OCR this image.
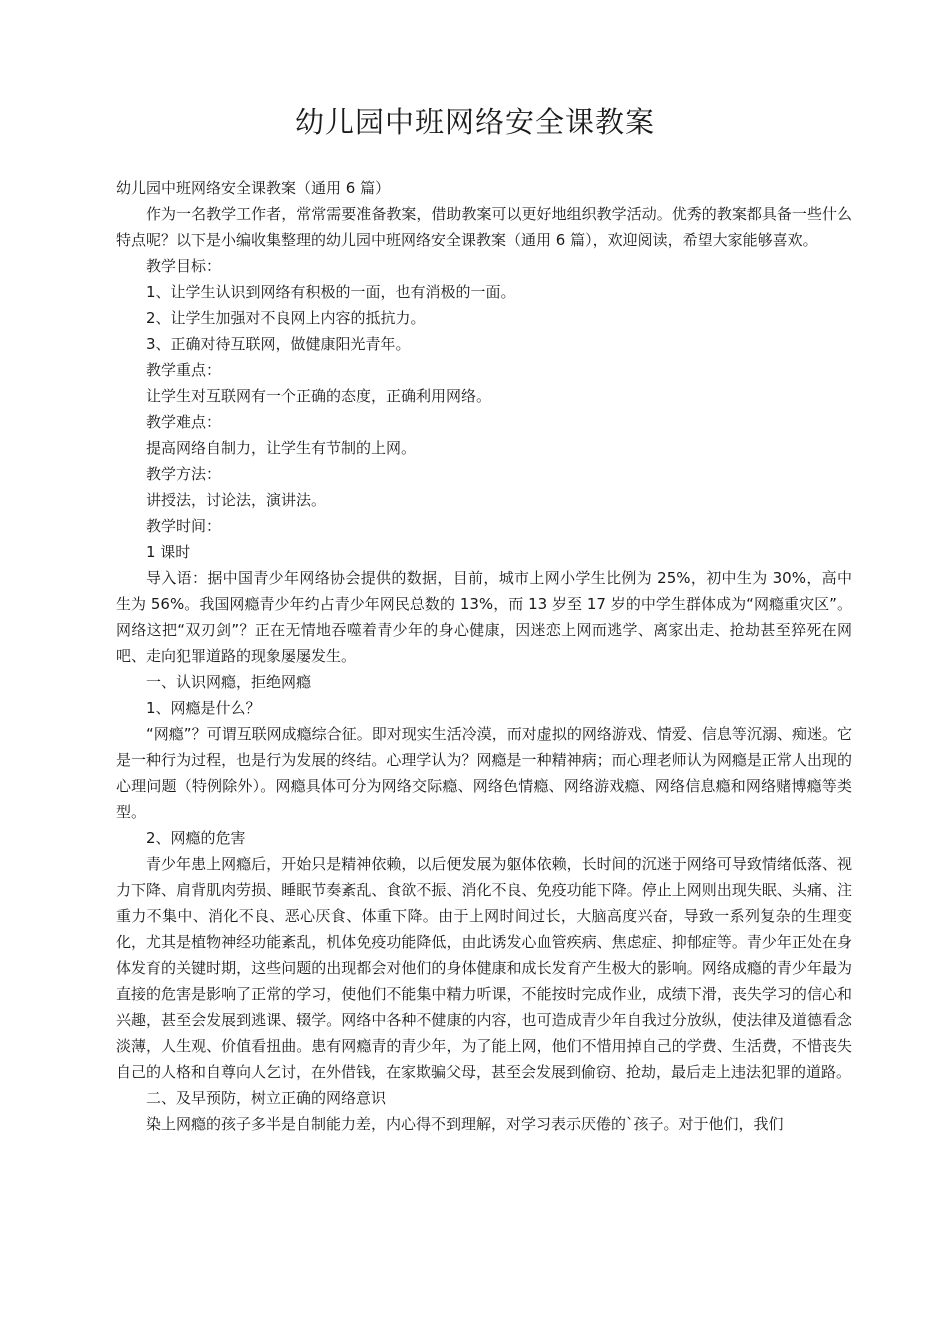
幼儿园中班网络安全课教案

幼儿园中班网络安全课教案（通用 6 篇）

作为一名教学工作者，常常需要准备教案，借助教案可以更好地组织教学活动。优秀的教案都具备一些什么特点呢？以下是小编收集整理的幼儿园中班网络安全课教案（通用 6 篇），欢迎阅读，希望大家能够喜欢。

教学目标：

1、让学生认识到网络有积极的一面，也有消极的一面。

2、让学生加强对不良网上内容的抵抗力。

3、正确对待互联网，做健康阳光青年。

教学重点：

让学生对互联网有一个正确的态度，正确利用网络。

教学难点：

提高网络自制力，让学生有节制的上网。

教学方法：

讲授法，讨论法，演讲法。

教学时间：

1 课时

导入语：据中国青少年网络协会提供的数据，目前，城市上网小学生比例为 25%，初中生为 30%，高中生为 56%。我国网瘾青少年约占青少年网民总数的 13%，而 13 岁至 17 岁的中学生群体成为“网瘾重灾区”。网络这把“双刃剑”？正在无情地吞噬着青少年的身心健康，因迷恋上网而逃学、离家出走、抢劫甚至猝死在网吧、走向犯罪道路的现象屡屡发生。

一、认识网瘾，拒绝网瘾

1、网瘾是什么？

“网瘾”？可谓互联网成瘾综合征。即对现实生活冷漠，而对虚拟的网络游戏、情爱、信息等沉溺、痴迷。它是一种行为过程，也是行为发展的终结。心理学认为？网瘾是一种精神病；而心理老师认为网瘾是正常人出现的心理问题（特例除外）。网瘾具体可分为网络交际瘾、网络色情瘾、网络游戏瘾、网络信息瘾和网络赌博瘾等类型。

2、网瘾的危害

青少年患上网瘾后，开始只是精神依赖，以后便发展为躯体依赖，长时间的沉迷于网络可导致情绪低落、视力下降、肩背肌肉劳损、睡眠节奏紊乱、食欲不振、消化不良、免疫功能下降。停止上网则出现失眠、头痛、注重力不集中、消化不良、恶心厌食、体重下降。由于上网时间过长，大脑高度兴奋，导致一系列复杂的生理变化，尤其是植物神经功能紊乱，机体免疫功能降低，由此诱发心血管疾病、焦虑症、抑郁症等。青少年正处在身体发育的关键时期，这些问题的出现都会对他们的身体健康和成长发育产生极大的影响。网络成瘾的青少年最为直接的危害是影响了正常的学习，使他们不能集中精力听课，不能按时完成作业，成绩下滑，丧失学习的信心和兴趣，甚至会发展到逃课、辍学。网络中各种不健康的内容，也可造成青少年自我过分放纵，使法律及道德看念淡薄，人生观、价值看扭曲。患有网瘾青的青少年，为了能上网，他们不惜用掉自己的学费、生活费，不惜丧失自己的人格和自尊向人乞讨，在外借钱，在家欺骗父母，甚至会发展到偷窃、抢劫，最后走上违法犯罪的道路。

二、及早预防，树立正确的网络意识

染上网瘾的孩子多半是自制能力差，内心得不到理解，对学习表示厌倦的`孩子。对于他们，我们
